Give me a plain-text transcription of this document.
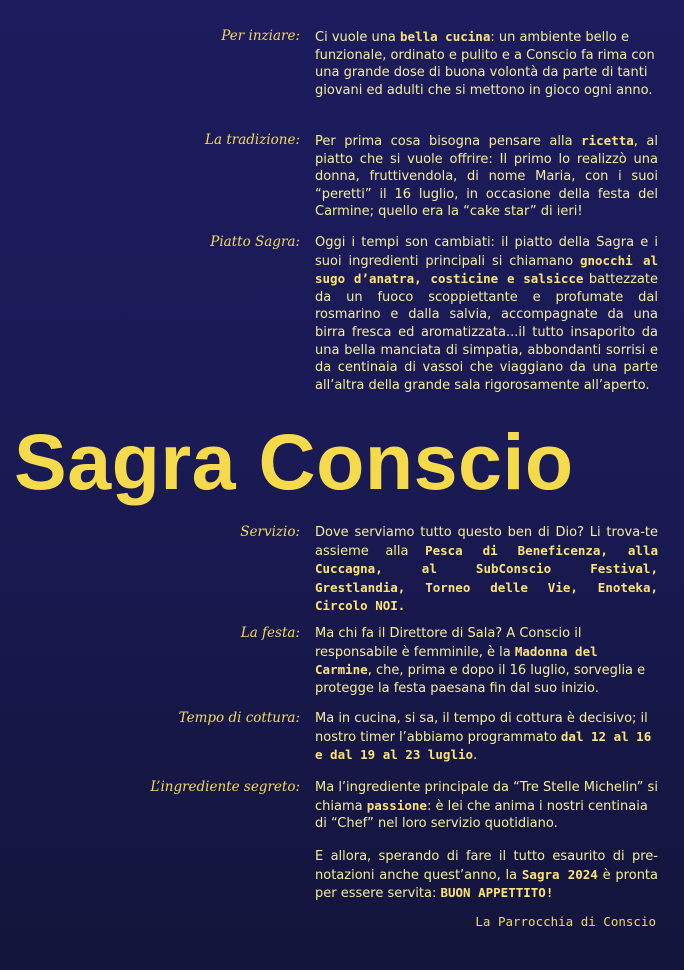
Per inziare: Ci vuole una bella cucina: un ambiente bello e funzionale, ordinato e pulito e a Conscio fa rima con una grande dose di buona volontà da parte di tanti giovani ed adulti che si mettono in gioco ogni anno.
La tradizione: Per prima cosa bisogna pensare alla ricetta, al piatto che si vuole offrire: Il primo lo realizzò una donna, fruttivendola, di nome Maria, con i suoi “peretti” il 16 luglio, in occasione della festa del Carmine; quello era la “cake star” di ieri!
Piatto Sagra: Oggi i tempi son cambiati: il piatto della Sagra e i suoi ingredienti principali si chiamano gnocchi al sugo d’anatra, costicine e salsicce battezzate da un fuoco scoppiettante e profumate dal rosmarino e dalla salvia, accompagnate da una birra fresca ed aromatizzata...il tutto insaporito da una bella manciata di simpatia, abbondanti sorrisi e da centinaia di vassoi che viaggiano da una parte all’altra della grande sala rigorosamente all’aperto.
Sagra Conscio
Servizio: Dove serviamo tutto questo ben di Dio? Li trova-te assieme alla Pesca di Beneficenza, alla Cuccagna, al SubConscio Festival, Grestlandia, Torneo delle Vie, Enoteka, Circolo NOI.
La festa: Ma chi fa il Direttore di Sala? A Conscio il responsabile è femminile, è la Madonna del Carmine, che, prima e dopo il 16 luglio, sorveglia e protegge la festa paesana fin dal suo inizio.
Tempo di cottura: Ma in cucina, si sa, il tempo di cottura è decisivo; il nostro timer l’abbiamo programmato dal 12 al 16 e dal 19 al 23 luglio.
L’ingrediente segreto: Ma l’ingrediente principale da “Tre Stelle Michelin” si chiama passione: è lei che anima i nostri centinaia di “Chef” nel loro servizio quotidiano.
E allora, sperando di fare il tutto esaurito di pre-notazioni anche quest’anno, la Sagra 2024 è pronta per essere servita: BUON APPETTITO!
La Parrocchia di Conscio
